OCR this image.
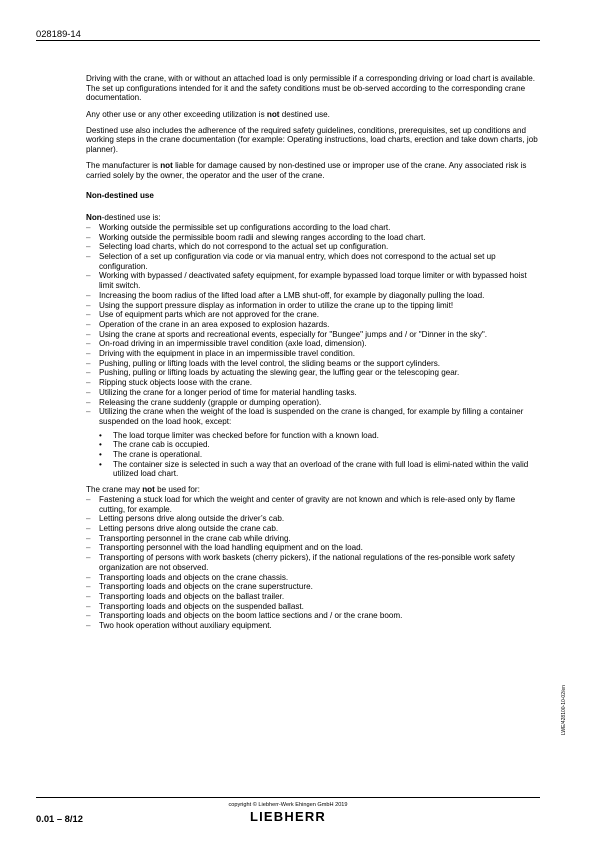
028189-14

Driving with the crane, with or without an attached load is only permissible if a corresponding driving or load chart is available. The set up configurations intended for it and the safety conditions must be ob-served according to the corresponding crane documentation.

Any other use or any other exceeding utilization is not destined use.

Destined use also includes the adherence of the required safety guidelines, conditions, prerequisites, set up conditions and working steps in the crane documentation (for example: Operating instructions, load charts, erection and take down charts, job planner).

The manufacturer is not liable for damage caused by non-destined use or improper use of the crane. Any associated risk is carried solely by the owner, the operator and the user of the crane.

Non-destined use

Non-destined use is:

– Working outside the permissible set up configurations according to the load chart.
– Working outside the permissible boom radii and slewing ranges according to the load chart.
– Selecting load charts, which do not correspond to the actual set up configuration.
– Selection of a set up configuration via code or via manual entry, which does not correspond to the actual set up configuration.
– Working with bypassed / deactivated safety equipment, for example bypassed load torque limiter or with bypassed hoist limit switch.
– Increasing the boom radius of the lifted load after a LMB shut-off, for example by diagonally pulling the load.
– Using the support pressure display as information in order to utilize the crane up to the tipping limit!
– Use of equipment parts which are not approved for the crane.
– Operation of the crane in an area exposed to explosion hazards.
– Using the crane at sports and recreational events, especially for "Bungee" jumps and / or "Dinner in the sky".
– On-road driving in an impermissible travel condition (axle load, dimension).
– Driving with the equipment in place in an impermissible travel condition.
– Pushing, pulling or lifting loads with the level control, the sliding beams or the support cylinders.
– Pushing, pulling or lifting loads by actuating the slewing gear, the luffing gear or the telescoping gear.
– Ripping stuck objects loose with the crane.
– Utilizing the crane for a longer period of time for material handling tasks.
– Releasing the crane suddenly (grapple or dumping operation).
– Utilizing the crane when the weight of the load is suspended on the crane is changed, for example by filling a container suspended on the load hook, except:
• The load torque limiter was checked before for function with a known load.
• The crane cab is occupied.
• The crane is operational.
• The container size is selected in such a way that an overload of the crane with full load is elimi-nated within the valid utilized load chart.

The crane may not be used for:

– Fastening a stuck load for which the weight and center of gravity are not known and which is rele-ased only by flame cutting, for example.
– Letting persons drive along outside the driver’s cab.
– Letting persons drive along outside the crane cab.
– Transporting personnel in the crane cab while driving.
– Transporting personnel with the load handling equipment and on the load.
– Transporting of persons with work baskets (cherry pickers), if the national regulations of the res-ponsible work safety organization are not observed.
– Transporting loads and objects on the crane chassis.
– Transporting loads and objects on the crane superstructure.
– Transporting loads and objects on the ballast trailer.
– Transporting loads and objects on the suspended ballast.
– Transporting loads and objects on the boom lattice sections and / or the crane boom.
– Two hook operation without auxiliary equipment.
LWE/428100-10-02/en
0.01 – 8/12
copyright © Liebherr-Werk Ehingen GmbH 2019
LIEBHERR
